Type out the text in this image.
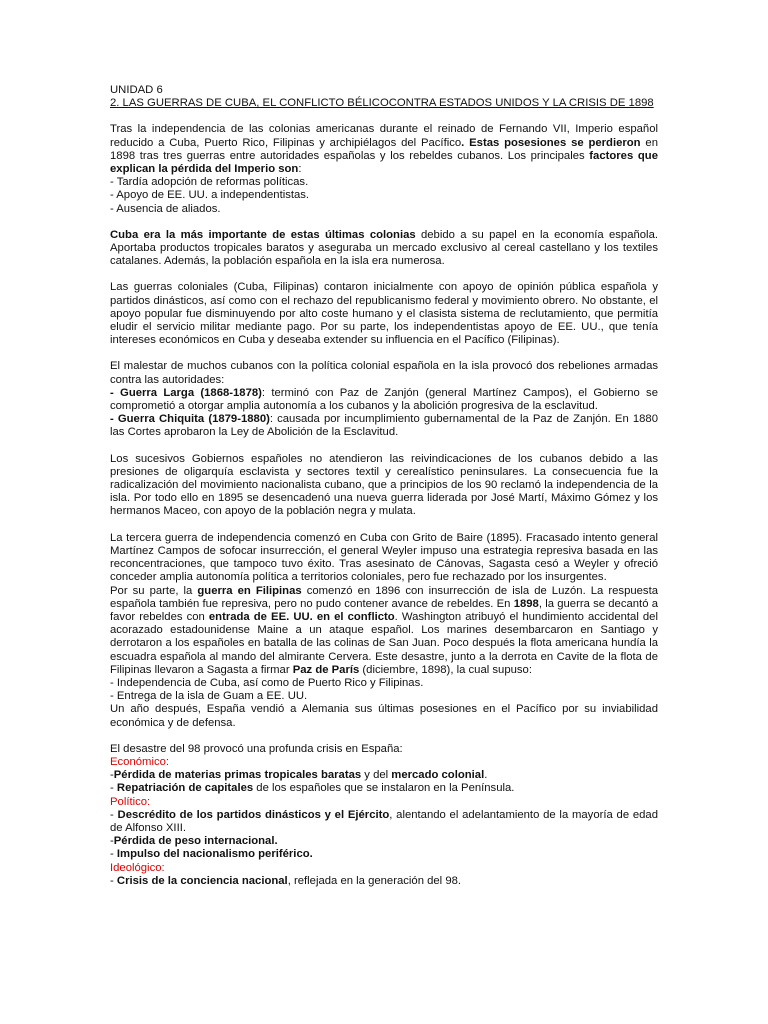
UNIDAD 6

2. LAS GUERRAS DE CUBA, EL CONFLICTO BÉLICOCONTRA ESTADOS UNIDOS Y LA CRISIS DE 1898

Tras la independencia de las colonias americanas durante el reinado de Fernando VII, Imperio español reducido a Cuba, Puerto Rico, Filipinas y archipiélagos del Pacífico. Estas posesiones se perdieron en 1898 tras tres guerras entre autoridades españolas y los rebeldes cubanos. Los principales factores que explican la pérdida del Imperio son:

- Tardía adopción de reformas políticas.

- Apoyo de EE. UU. a independentistas.

- Ausencia de aliados.

Cuba era la más importante de estas últimas colonias debido a su papel en la economía española. Aportaba productos tropicales baratos y aseguraba un mercado exclusivo al cereal castellano y los textiles catalanes. Además, la población española en la isla era numerosa.

Las guerras coloniales (Cuba, Filipinas) contaron inicialmente con apoyo de opinión pública española y partidos dinásticos, así como con el rechazo del republicanismo federal y movimiento obrero. No obstante, el apoyo popular fue disminuyendo por alto coste humano y el clasista sistema de reclutamiento, que permitía eludir el servicio militar mediante pago. Por su parte, los independentistas apoyo de EE. UU., que tenía intereses económicos en Cuba y deseaba extender su influencia en el Pacífico (Filipinas).

El malestar de muchos cubanos con la política colonial española en la isla provocó dos rebeliones armadas contra las autoridades:

- Guerra Larga (1868-1878): terminó con Paz de Zanjón (general Martínez Campos), el Gobierno se comprometió a otorgar amplia autonomía a los cubanos y la abolición progresiva de la esclavitud.

- Guerra Chiquita (1879-1880): causada por incumplimiento gubernamental de la Paz de Zanjón. En 1880 las Cortes aprobaron la Ley de Abolición de la Esclavitud.

Los sucesivos Gobiernos españoles no atendieron las reivindicaciones de los cubanos debido a las presiones de oligarquía esclavista y sectores textil y cerealístico peninsulares. La consecuencia fue la radicalización del movimiento nacionalista cubano, que a principios de los 90 reclamó la independencia de la isla. Por todo ello en 1895 se desencadenó una nueva guerra liderada por José Martí, Máximo Gómez y los hermanos Maceo, con apoyo de la población negra y mulata.

La tercera guerra de independencia comenzó en Cuba con Grito de Baire (1895). Fracasado intento general Martínez Campos de sofocar insurrección, el general Weyler impuso una estrategia represiva basada en las reconcentraciones, que tampoco tuvo éxito. Tras asesinato de Cánovas, Sagasta cesó a Weyler y ofreció conceder amplia autonomía política a territorios coloniales, pero fue rechazado por los insurgentes.

Por su parte, la guerra en Filipinas comenzó en 1896 con insurrección de isla de Luzón. La respuesta española también fue represiva, pero no pudo contener avance de rebeldes. En 1898, la guerra se decantó a favor rebeldes con entrada de EE. UU. en el conflicto. Washington atribuyó el hundimiento accidental del acorazado estadounidense Maine a un ataque español. Los marines desembarcaron en Santiago y derrotaron a los españoles en batalla de las colinas de San Juan. Poco después la flota americana hundía la escuadra española al mando del almirante Cervera. Este desastre, junto a la derrota en Cavite de la flota de Filipinas llevaron a Sagasta a firmar Paz de París (diciembre, 1898), la cual supuso:

- Independencia de Cuba, así como de Puerto Rico y Filipinas.

- Entrega de la isla de Guam a EE. UU.

Un año después, España vendió a Alemania sus últimas posesiones en el Pacífico por su inviabilidad económica y de defensa.

El desastre del 98 provocó una profunda crisis en España:

Económico:

-Pérdida de materias primas tropicales baratas y del mercado colonial.

- Repatriación de capitales de los españoles que se instalaron en la Península.

Político:

- Descrédito de los partidos dinásticos y el Ejército, alentando el adelantamiento de la mayoría de edad de Alfonso XIII.

-Pérdida de peso internacional.

- Impulso del nacionalismo periférico.

Ideológico:

- Crisis de la conciencia nacional, reflejada en la generación del 98.
